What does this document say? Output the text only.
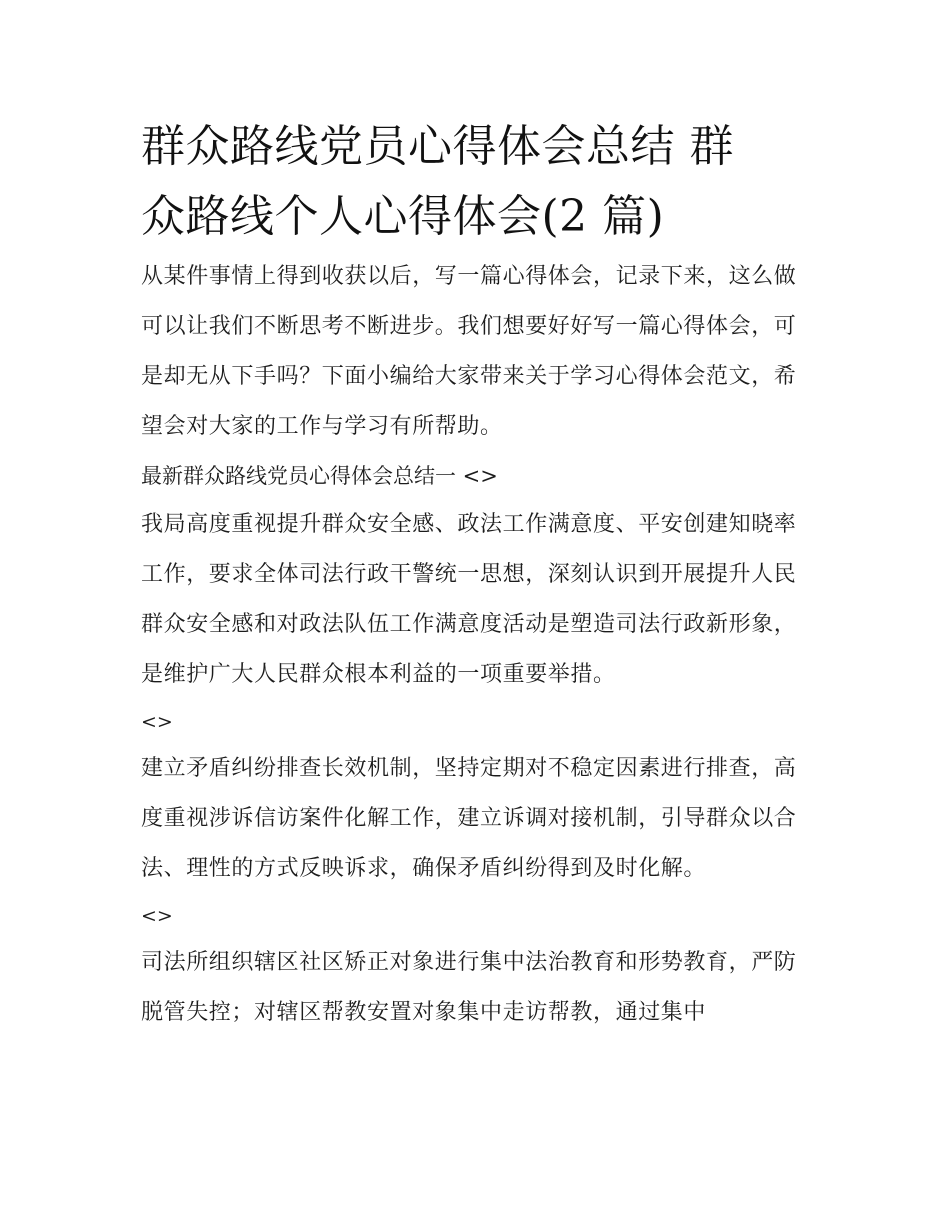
群众路线党员心得体会总结 群
众路线个人心得体会(2 篇)

从某件事情上得到收获以后，写一篇心得体会，记录下来，这么做可以让我们不断思考不断进步。我们想要好好写一篇心得体会，可是却无从下手吗？下面小编给大家带来关于学习心得体会范文，希望会对大家的工作与学习有所帮助。

最新群众路线党员心得体会总结一 <>

我局高度重视提升群众安全感、政法工作满意度、平安创建知晓率工作，要求全体司法行政干警统一思想，深刻认识到开展提升人民群众安全感和对政法队伍工作满意度活动是塑造司法行政新形象，是维护广大人民群众根本利益的一项重要举措。

<>

建立矛盾纠纷排查长效机制，坚持定期对不稳定因素进行排查，高度重视涉诉信访案件化解工作，建立诉调对接机制，引导群众以合法、理性的方式反映诉求，确保矛盾纠纷得到及时化解。

<>

司法所组织辖区社区矫正对象进行集中法治教育和形势教育，严防脱管失控；对辖区帮教安置对象集中走访帮教，通过集中
